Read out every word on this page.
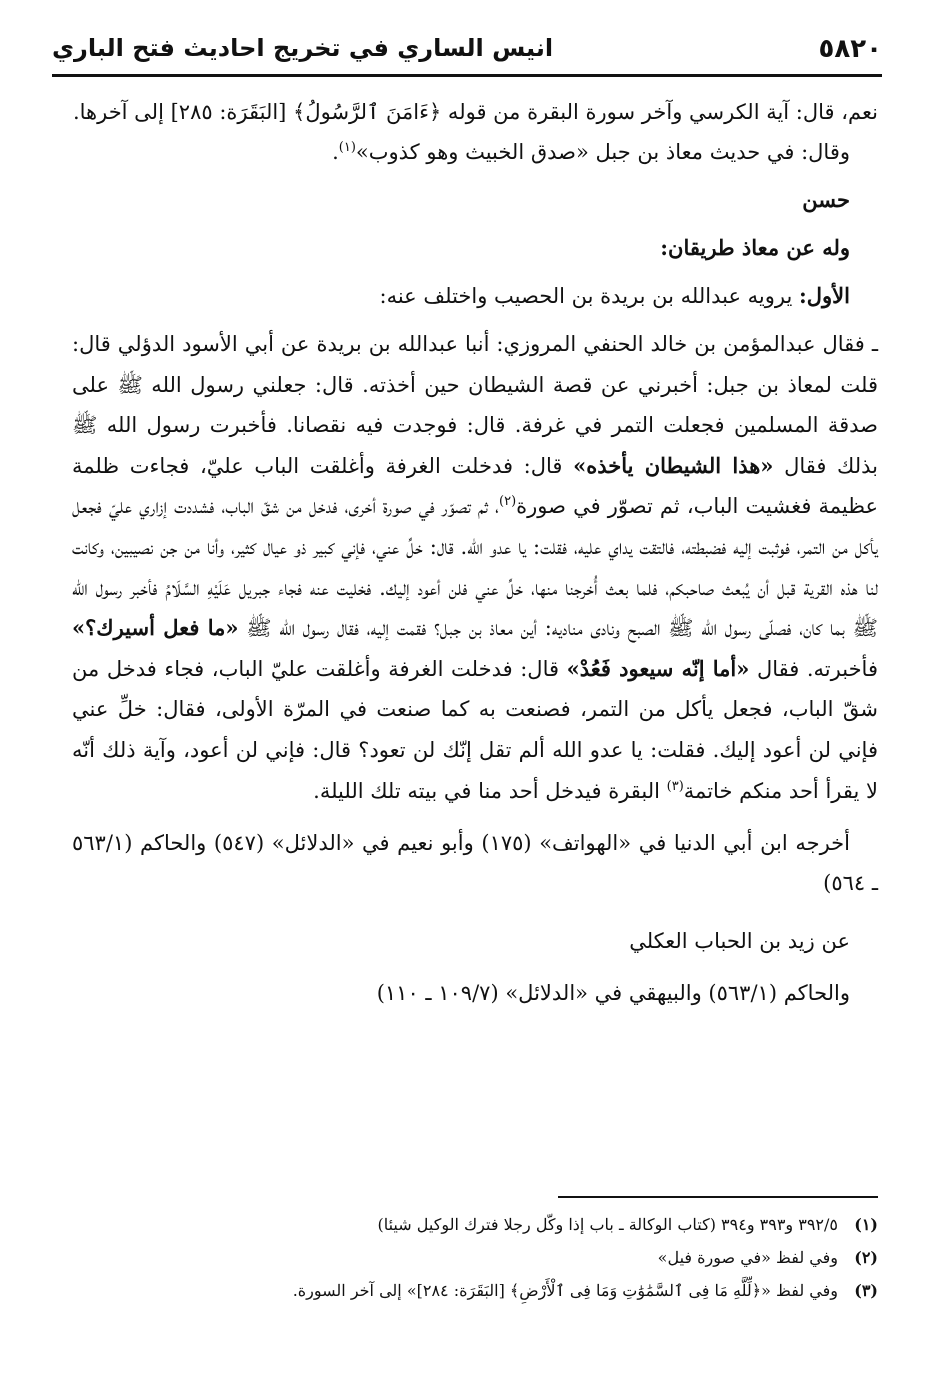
انيس الساري في تخريج احاديث فتح الباري	٥٨٢٠

نعم، قال: آية الكرسي وآخر سورة البقرة من قوله ﴿ءَامَنَ ٱلرَّسُولُ﴾ [البَقَرَة: ٢٨٥] إلى آخرها.

وقال: في حديث معاذ بن جبل «صدق الخبيث وهو كذوب»$^{(١)}$.

حسن

وله عن معاذ طريقان:

الأول: يرويه عبدالله بن بريدة بن الحصيب واختلف عنه:

ـ فقال عبدالمؤمن بن خالد الحنفي المروزي: أنبا عبدالله بن بريدة عن أبي الأسود الدؤلي قال: قلت لمعاذ بن جبل: أخبرني عن قصة الشيطان حين أخذته. قال: جعلني رسول الله ﷺ على صدقة المسلمين فجعلت التمر في غرفة. قال: فوجدت فيه نقصانا. فأخبرت رسول الله ﷺ بذلك فقال «هذا الشيطان يأخذه» قال: فدخلت الغرفة وأغلقت الباب عليّ، فجاءت ظلمة عظيمة فغشيت الباب، ثم تصوّر في صورة$^{(٢)}$، ثم تصوّر في صورة أخرى، فدخل من شقّ الباب، فشددت إزاري عليّ فجعل يأكل من التمر، فوثبت إليه فضبطته، فالتقت يداي عليه، فقلت: يا عدو الله. قال: خلِّ عني، فإني كبير ذو عيال كثير، وأنا من جن نصيبين، وكانت لنا هذه القرية قبل أن يُبعث صاحبكم، فلما بعث أُخرجنا منها، خلِّ عني فلن أعود إليك. فخليت عنه فجاء جبريل عَلَيْهِ السَّلَامُ فأخبر رسول الله ﷺ بما كان، فصلّى رسول الله ﷺ الصبح ونادى مناديه: أين معاذ بن جبل؟ فقمت إليه، فقال رسول الله ﷺ «ما فعل أسيرك؟» فأخبرته. فقال «أما إنّه سيعود فَعُدْ» قال: فدخلت الغرفة وأغلقت عليّ الباب، فجاء فدخل من شقّ الباب، فجعل يأكل من التمر، فصنعت به كما صنعت في المرّة الأولى، فقال: خلِّ عني فإني لن أعود إليك. فقلت: يا عدو الله ألم تقل إنّك لن تعود؟ قال: فإني لن أعود، وآية ذلك أنّه لا يقرأ أحد منكم خاتمة$^{(٣)}$ البقرة فيدخل أحد منا في بيته تلك الليلة.

أخرجه ابن أبي الدنيا في «الهواتف» (١٧٥) وأبو نعيم في «الدلائل» (٥٤٧) والحاكم (٥٦٣/١ ـ ٥٦٤)

عن زيد بن الحباب العكلي

والحاكم (٥٦٣/١) والبيهقي في «الدلائل» (١٠٩/٧ ـ ١١٠)

(١)٣٩٢/٥ و٣٩٣ و٣٩٤ (كتاب الوكالة ـ باب إذا وكّل رجلا فترك الوكيل شيئا)
(٢)وفي لفظ «في صورة فيل»
(٣)وفي لفظ «﴿لِّلَّهِ مَا فِى ٱلسَّمَٰوَٰتِ وَمَا فِى ٱلْأَرْضِ﴾ [البَقَرَة: ٢٨٤]» إلى آخر السورة.
